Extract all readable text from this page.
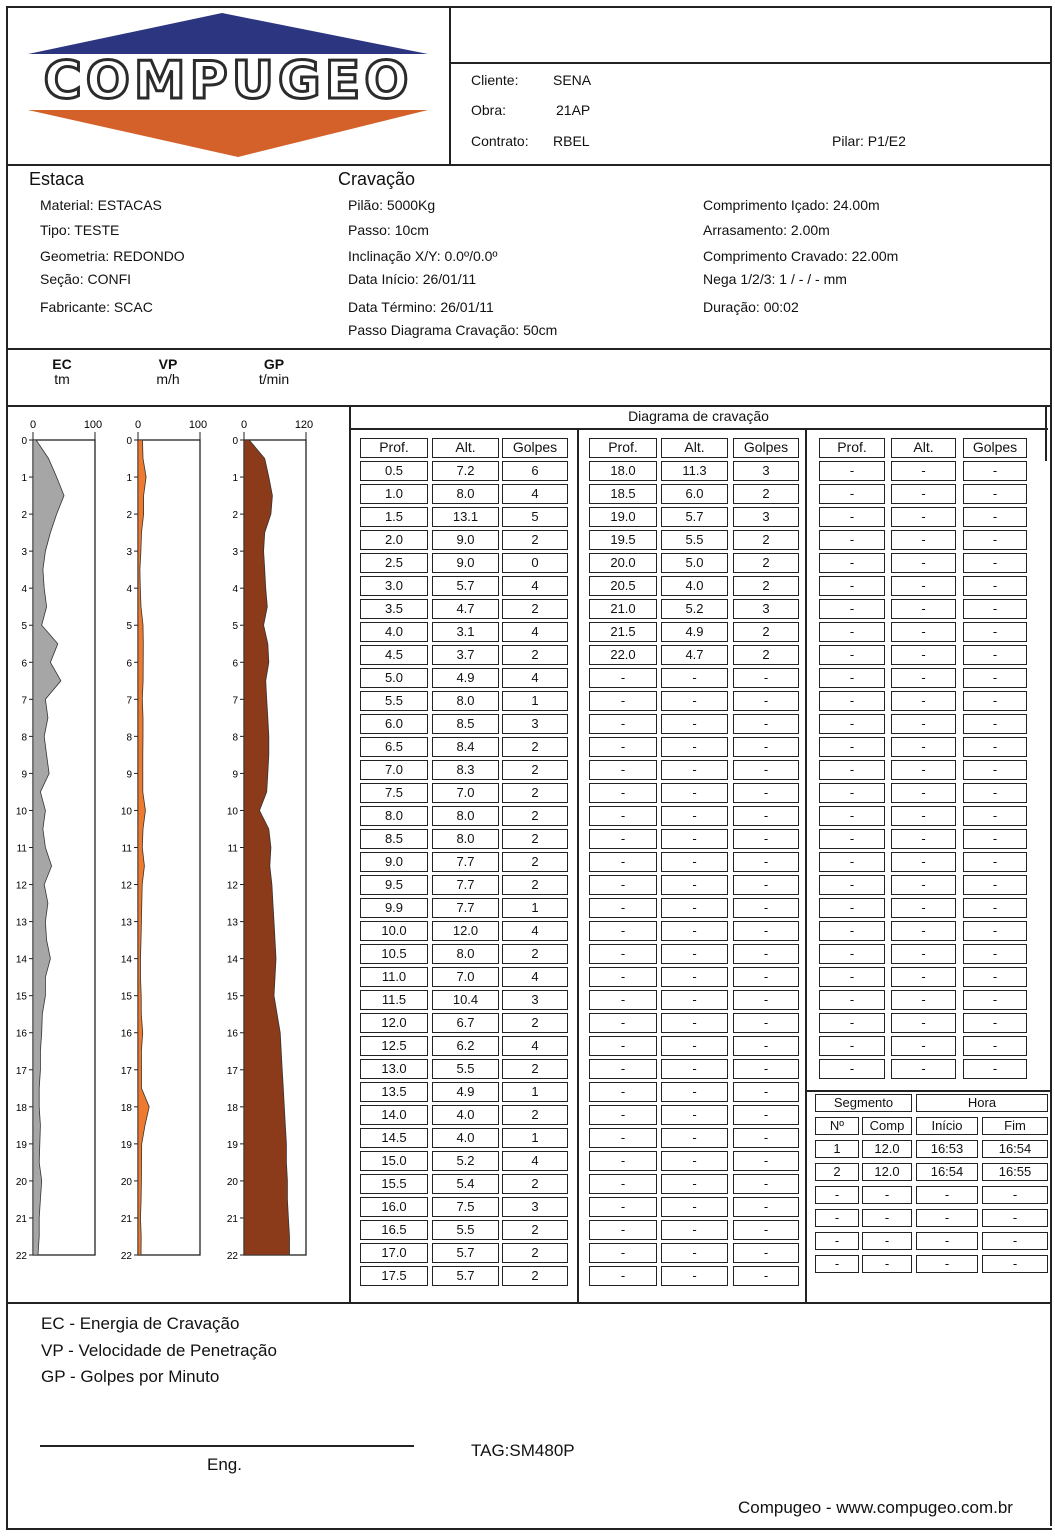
COMPUGEO	Cliente: SENA
Obra:	21AP
Contrato: RBEL	Pilar: P1/E2
Estaca
Material: ESTACAS
Tipo: TESTE
Geometria: REDONDO
Seção: CONFI
Fabricante: SCAC
Cravação
Pilão: 5000Kg
Passo: 10cm
Inclinação X/Y: 0.0º/0.0º
Data Início: 26/01/11
Data Término: 26/01/11
Passo Diagrama Cravação: 50cm
Comprimento Içado: 24.00m
Arrasamento: 2.00m
Comprimento Cravado: 22.00m
Nega 1/2/3: 1 / - / - mm
Duração: 00:02
EC
tm
VP
m/h
GP
t/min
0	100
0
1
2
3
4
5
6
7
8
9
10
11
12
13
14
15
16
17
18
19
20
21
22
0	100
0
1
2
3
4
5
6
7
8
9
10
11
12
13
14
15
16
17
18
19
20
21
22
0	120
0
1
2
3
4
5
6
7
8
9
10
11
12
13
14
15
16
17
18
19
20
21
22
Diagrama de cravação
Prof.	Alt.	Golpes
0.5	7.2	6
1.0	8.0	4
1.5	13.1	5
2.0	9.0	2
2.5	9.0	0
3.0	5.7	4
3.5	4.7	2
4.0	3.1	4
4.5	3.7	2
5.0	4.9	4
5.5	8.0	1
6.0	8.5	3
6.5	8.4	2
7.0	8.3	2
7.5	7.0	2
8.0	8.0	2
8.5	8.0	2
9.0	7.7	2
9.5	7.7	2
9.9	7.7	1
10.0	12.0	4
10.5	8.0	2
11.0	7.0	4
11.5	10.4	3
12.0	6.7	2
12.5	6.2	4
13.0	5.5	2
13.5	4.9	1
14.0	4.0	2
14.5	4.0	1
15.0	5.2	4
15.5	5.4	2
16.0	7.5	3
16.5	5.5	2
17.0	5.7	2
17.5	5.7	2
Prof.	Alt.	Golpes
18.0	11.3	3
18.5	6.0	2
19.0	5.7	3
19.5	5.5	2
20.0	5.0	2
20.5	4.0	2
21.0	5.2	3
21.5	4.9	2
22.0	4.7	2
-	-	-
-	-	-
-	-	-
-	-	-
-	-	-
-	-	-
-	-	-
-	-	-
-	-	-
-	-	-
-	-	-
-	-	-
-	-	-
-	-	-
-	-	-
-	-	-
-	-	-
-	-	-
-	-	-
-	-	-
-	-	-
-	-	-
-	-	-
-	-	-
-	-	-
-	-	-
-	-	-
Prof.	Alt.	Golpes
-	-	-
-	-	-
-	-	-
-	-	-
-	-	-
-	-	-
-	-	-
-	-	-
-	-	-
-	-	-
-	-	-
-	-	-
-	-	-
-	-	-
-	-	-
-	-	-
-	-	-
-	-	-
-	-	-
-	-	-
-	-	-
-	-	-
-	-	-
-	-	-
-	-	-
-	-	-
-	-	-
Segmento	Hora
Nº	Comp	Início	Fim
1	12.0	16:53	16:54
2	12.0	16:54	16:55
-	-	-	-
-	-	-	-
-	-	-	-
-	-	-	-
EC - Energia de Cravação
VP - Velocidade de Penetração
GP - Golpes por Minuto
Eng.
TAG:SM480P
Compugeo - www.compugeo.com.br
